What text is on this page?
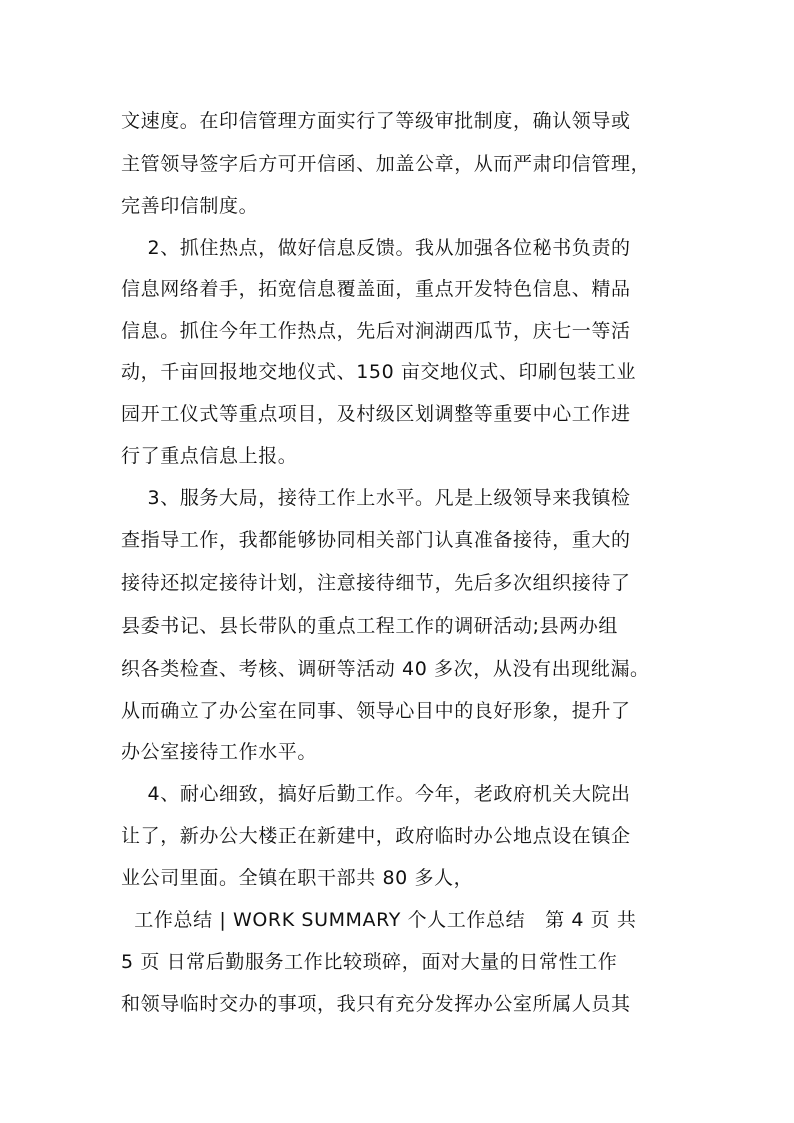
文速度。在印信管理方面实行了等级审批制度，确认领导或
主管领导签字后方可开信函、加盖公章，从而严肃印信管理，
完善印信制度。
2、抓住热点，做好信息反馈。我从加强各位秘书负责的
信息网络着手，拓宽信息覆盖面，重点开发特色信息、精品
信息。抓住今年工作热点，先后对涧湖西瓜节，庆七一等活
动，千亩回报地交地仪式、150 亩交地仪式、印刷包装工业
园开工仪式等重点项目，及村级区划调整等重要中心工作进
行了重点信息上报。
3、服务大局，接待工作上水平。凡是上级领导来我镇检
查指导工作，我都能够协同相关部门认真准备接待，重大的
接待还拟定接待计划，注意接待细节，先后多次组织接待了
县委书记、县长带队的重点工程工作的调研活动;县两办组
织各类检查、考核、调研等活动 40 多次，从没有出现纰漏。
从而确立了办公室在同事、领导心目中的良好形象，提升了
办公室接待工作水平。
4、耐心细致，搞好后勤工作。今年，老政府机关大院出
让了，新办公大楼正在新建中，政府临时办公地点设在镇企
业公司里面。全镇在职干部共 80 多人，
工作总结 | WORK SUMMARY 个人工作总结   第 4 页 共
5 页 日常后勤服务工作比较琐碎，面对大量的日常性工作
和领导临时交办的事项，我只有充分发挥办公室所属人员其
